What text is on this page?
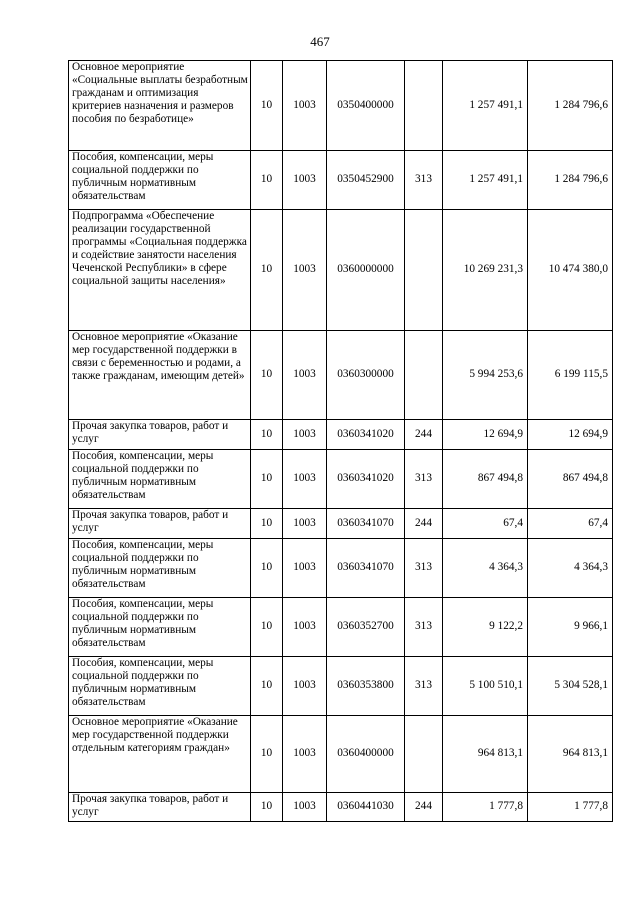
467
Основное мероприятие «Социальные выплаты безработным гражданам и оптимизация критериев назначения и размеров пособия по безработице»	10	1003	0350400000		1 257 491,1	1 284 796,6
Пособия, компенсации, меры социальной поддержки по публичным нормативным обязательствам	10	1003	0350452900	313	1 257 491,1	1 284 796,6
Подпрограмма «Обеспечение реализации государственной программы «Социальная поддержка и содействие занятости населения Чеченской Республики» в сфере социальной защиты населения»	10	1003	0360000000		10 269 231,3	10 474 380,0
Основное мероприятие «Оказание мер государственной поддержки в связи с беременностью и родами, а также гражданам, имеющим детей»	10	1003	0360300000		5 994 253,6	6 199 115,5
Прочая закупка товаров, работ и услуг	10	1003	0360341020	244	12 694,9	12 694,9
Пособия, компенсации, меры социальной поддержки по публичным нормативным обязательствам	10	1003	0360341020	313	867 494,8	867 494,8
Прочая закупка товаров, работ и услуг	10	1003	0360341070	244	67,4	67,4
Пособия, компенсации, меры социальной поддержки по публичным нормативным обязательствам	10	1003	0360341070	313	4 364,3	4 364,3
Пособия, компенсации, меры социальной поддержки по публичным нормативным обязательствам	10	1003	0360352700	313	9 122,2	9 966,1
Пособия, компенсации, меры социальной поддержки по публичным нормативным обязательствам	10	1003	0360353800	313	5 100 510,1	5 304 528,1
Основное мероприятие «Оказание мер государственной поддержки отдельным категориям граждан»	10	1003	0360400000		964 813,1	964 813,1
Прочая закупка товаров, работ и услуг	10	1003	0360441030	244	1 777,8	1 777,8
